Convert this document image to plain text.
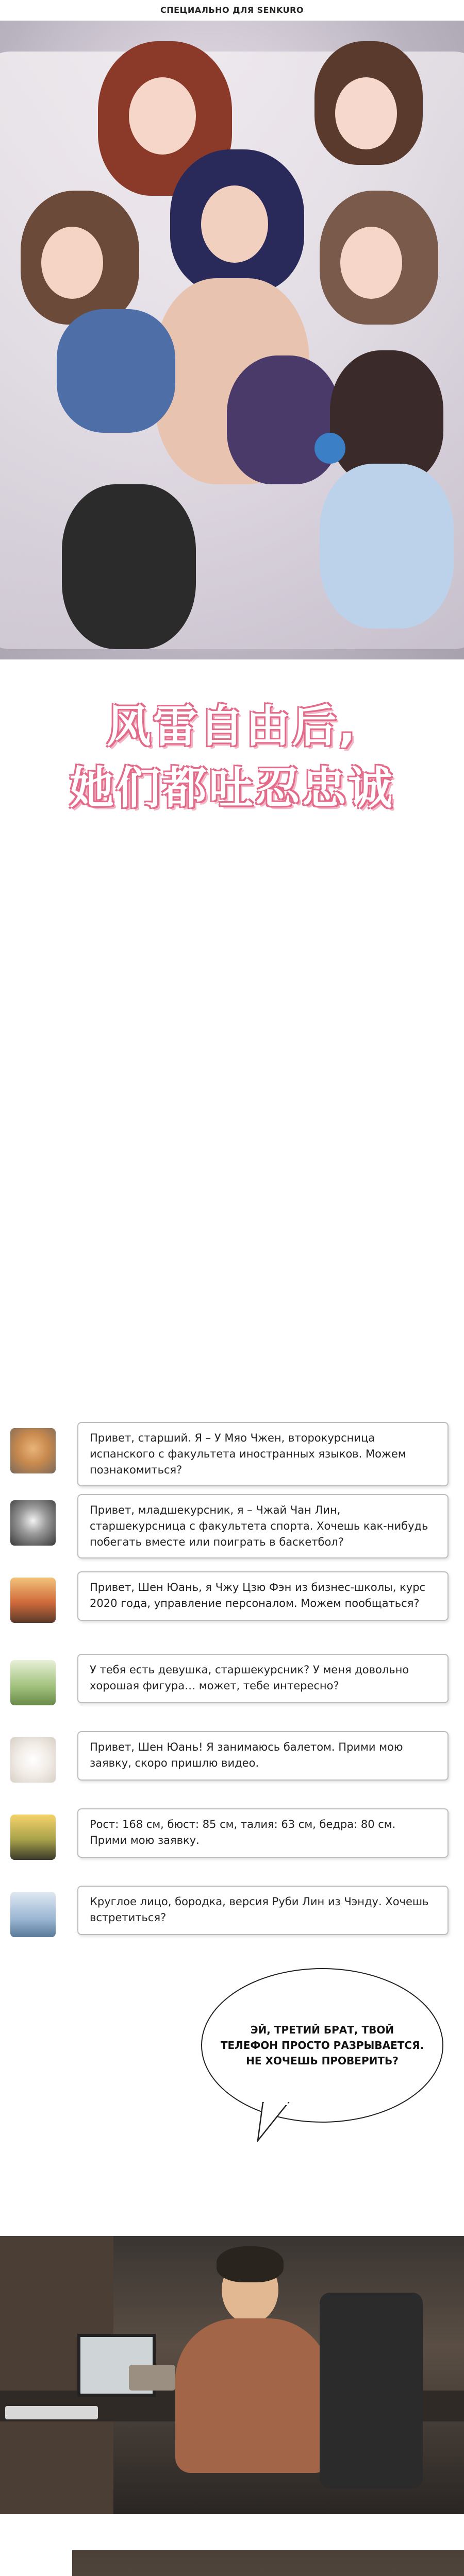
СПЕЦИАЛЬНО ДЛЯ SENKURO
风雷自由后,
她们都吐忍忠诚
Привет, старший. Я – У Мяо Чжен, второкурсница испанского с факультета иностранных языков. Можем познакомиться?
Привет, младшекурсник, я – Чжай Чан Лин, старшекурсница с факультета спорта. Хочешь как-нибудь побегать вместе или поиграть в баскетбол?
Привет, Шен Юань, я Чжу Цзю Фэн из бизнес-школы, курс 2020 года, управление персоналом. Можем пообщаться?
У тебя есть девушка, старшекурсник? У меня довольно хорошая фигура… может, тебе интересно?
Привет, Шен Юань! Я занимаюсь балетом. Прими мою заявку, скоро пришлю видео.
Рост: 168 см, бюст: 85 см, талия: 63 см, бедра: 80 см. Прими мою заявку.
Круглое лицо, бородка, версия Руби Лин из Чэнду. Хочешь встретиться?
ЭЙ, ТРЕТИЙ БРАТ, ТВОЙ
ТЕЛЕФОН ПРОСТО РАЗРЫВАЕТСЯ.
НЕ ХОЧЕШЬ ПРОВЕРИТЬ?
